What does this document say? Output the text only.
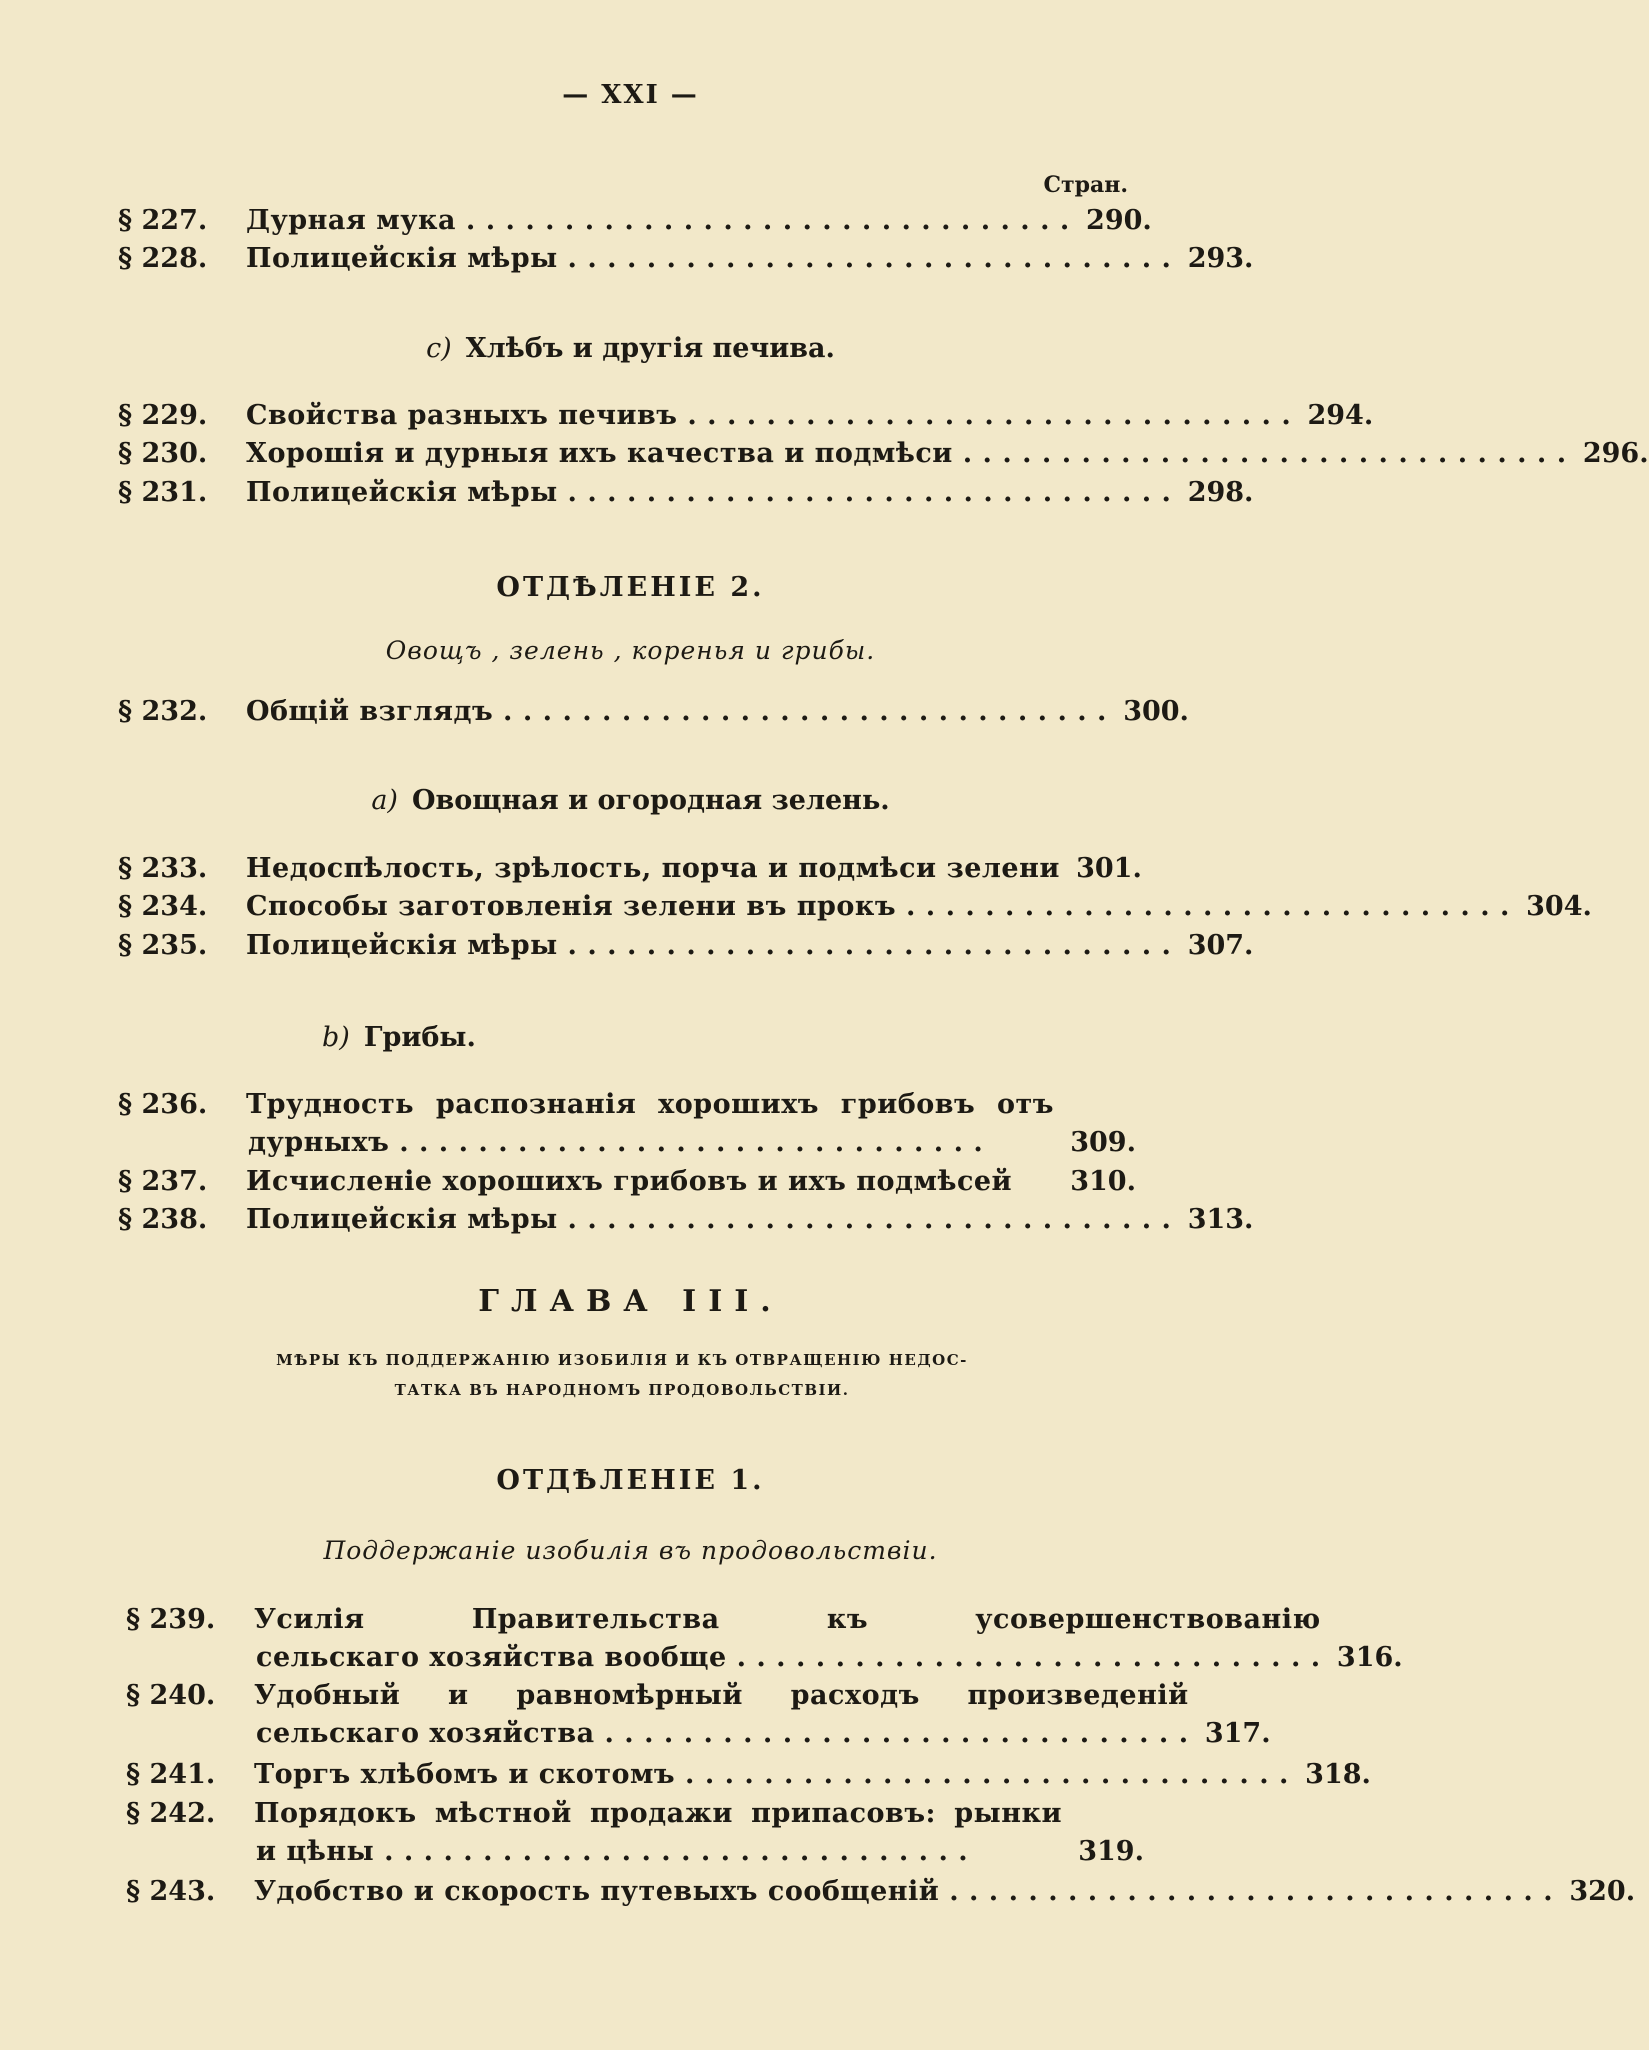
— XXI —
Стран.
§ 227.	Дурная мука . . .	290.
§ 228.	Полицейскія мѣры . . .	293.
c) Хлѣбъ и другія печива.
§ 229.	Свойства разныхъ печивъ . . .	294.
§ 230.	Хорошія и дурныя ихъ качества и подмѣси . . .	296.
§ 231.	Полицейскія мѣры . . .	298.
ОТДѢЛЕНІЕ 2.
Овощъ , зелень , коренья и грибы.
§ 232.	Общій взглядъ . . .	300.
a) Овощная и огородная зелень.
§ 233.	Недоспѣлость, зрѣлость, порча и подмѣси зелени 301.
§ 234.	Способы заготовленія зелени въ прокъ . . .	304.
§ 235.	Полицейскія мѣры . . .	307.
b) Грибы.
§ 236.	Трудность распознанія хорошихъ грибовъ отъ
дурныхъ . . .	309.
§ 237.	Исчисленіе хорошихъ грибовъ и ихъ подмѣсей	310.
§ 238.	Полицейскія мѣры . . .	313.
ГЛАВА III.
МѢРЫ КЪ ПОДДЕРЖАНІЮ ИЗОБИЛІЯ И КЪ ОТВРАЩЕНІЮ НЕДОС-
ТАТКА ВЪ НАРОДНОМЪ ПРОДОВОЛЬСТВІИ.
ОТДѢЛЕНІЕ 1.
Поддержаніе изобилія въ продовольствіи.
§ 239.	Усилія Правительства къ усовершенствованію
сельскаго хозяйства вообще . . .	316.
§ 240.	Удобный и равномѣрный расходъ произведеній
сельскаго хозяйства . . .	317.
§ 241.	Торгъ хлѣбомъ и скотомъ . . .	318.
§ 242.	Порядокъ мѣстной продажи припасовъ: рынки
и цѣны . . .	319.
§ 243.	Удобство и скорость путевыхъ сообщеній . . .	320.
